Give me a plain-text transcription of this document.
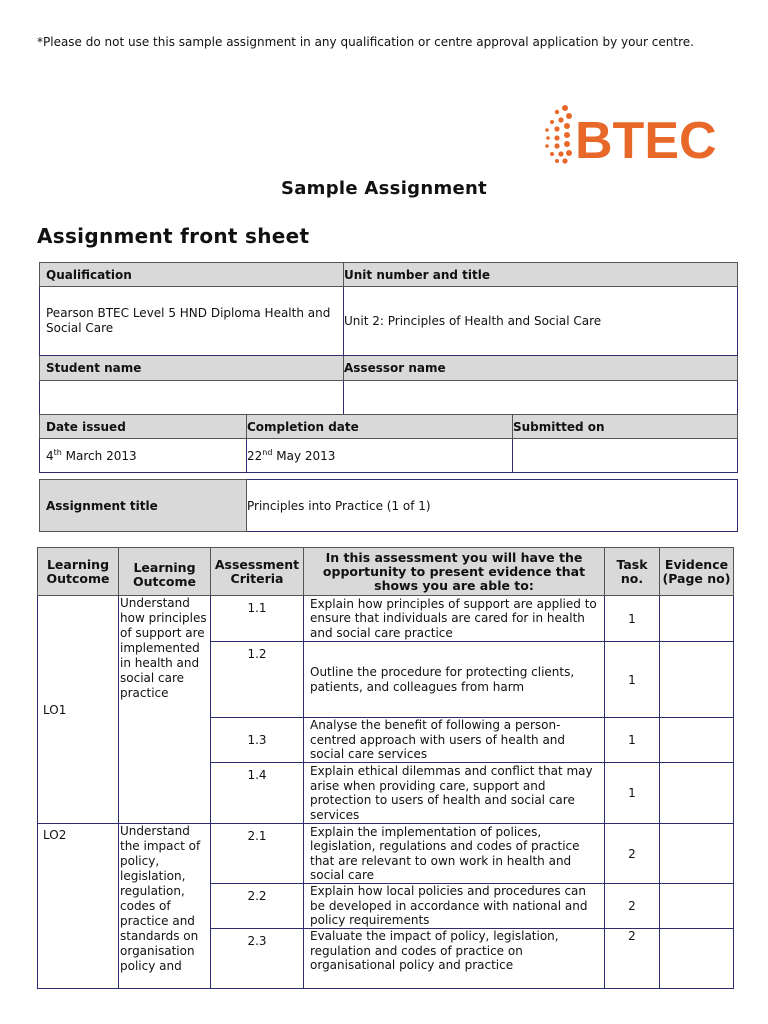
*Please do not use this sample assignment in any qualification or centre approval application by your centre.
BTEC
Sample Assignment
Assignment front sheet
Qualification	Unit number and title
Pearson BTEC Level 5 HND Diploma Health and Social Care	Unit 2: Principles of Health and Social Care
Student name	Assessor name

Date issued	Completion date	Submitted on
4th March 2013	22nd May 2013	
Assignment title	Principles into Practice (1 of 1)
Learning Outcome	Learning Outcome	Assessment Criteria	In this assessment you will have the opportunity to present evidence that shows you are able to:	Task no.	Evidence (Page no)
LO1	Understand how principles of support are implemented in health and social care practice	1.1	Explain how principles of support are applied to ensure that individuals are cared for in health and social care practice	1	
		1.2	Outline the procedure for protecting clients, patients, and colleagues from harm	1	
		1.3	Analyse the benefit of following a person-centred approach with users of health and social care services	1	
		1.4	Explain ethical dilemmas and conflict that may arise when providing care, support and protection to users of health and social care services	1	
LO2	Understand the impact of policy, legislation, regulation, codes of practice and standards on organisation policy and	2.1	Explain the implementation of polices, legislation, regulations and codes of practice that are relevant to own work in health and social care	2	
		2.2	Explain how local policies and procedures can be developed in accordance with national and policy requirements	2	
		2.3	Evaluate the impact of policy, legislation, regulation and codes of practice on organisational policy and practice	2	
